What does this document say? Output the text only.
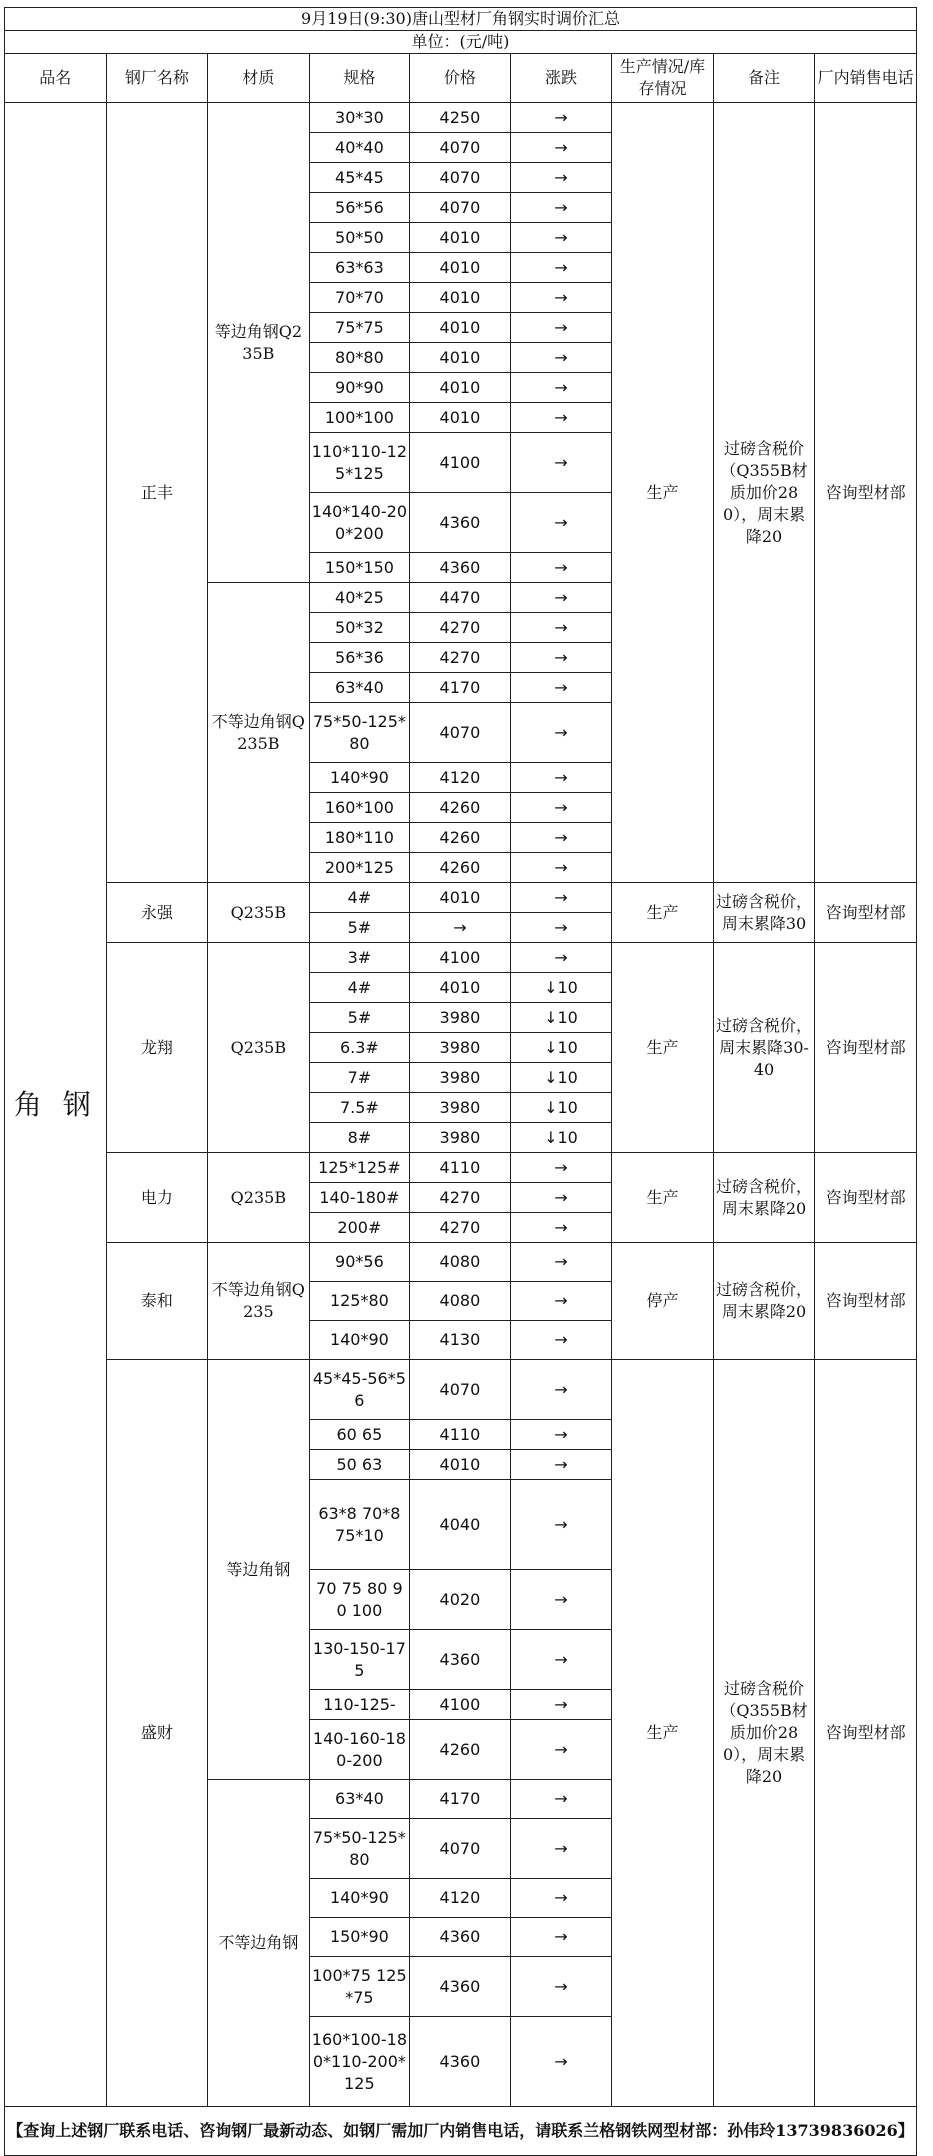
9月19日(9:30)唐山型材厂角钢实时调价汇总								
单位：(元/吨)								
品名	钢厂名称	材质	规格	价格	涨跌	生产情况/库存情况	备注	厂内销售电话
角 钢	正丰	等边角钢Q235B	30*30	4250	→	生产	过磅含税价（Q355B材质加价280），周末累降20	咨询型材部
			40*40	4070	→			
			45*45	4070	→			
			56*56	4070	→			
			50*50	4010	→			
			63*63	4010	→			
			70*70	4010	→			
			75*75	4010	→			
			80*80	4010	→			
			90*90	4010	→			
			100*100	4010	→			
			110*110-125*125	4100	→			
			140*140-200*200	4360	→			
			150*150	4360	→			
		不等边角钢Q235B	40*25	4470	→			
			50*32	4270	→			
			56*36	4270	→			
			63*40	4170	→			
			75*50-125*80	4070	→			
			140*90	4120	→			
			160*100	4260	→			
			180*110	4260	→			
			200*125	4260	→			
	永强	Q235B	4#	4010	→	生产	过磅含税价，周末累降30	咨询型材部
			5#	→	→			
	龙翔	Q235B	3#	4100	→	生产	过磅含税价，周末累降30-40	咨询型材部
			4#	4010	↓10			
			5#	3980	↓10			
			6.3#	3980	↓10			
			7#	3980	↓10			
			7.5#	3980	↓10			
			8#	3980	↓10			
	电力	Q235B	125*125#	4110	→	生产	过磅含税价，周末累降20	咨询型材部
			140-180#	4270	→			
			200#	4270	→			
	泰和	不等边角钢Q235	90*56	4080	→	停产	过磅含税价，周末累降20	咨询型材部
			125*80	4080	→			
			140*90	4130	→			
	盛财	等边角钢	45*45-56*56	4070	→	生产	过磅含税价（Q355B材质加价280），周末累降20	咨询型材部
			60 65	4110	→			
			50 63	4010	→			
			63*8 70*8 75*10	4040	→			
			70 75 80 90 100	4020	→			
			130-150-175	4360	→			
			110-125-	4100	→			
			140-160-180-200	4260	→			
		不等边角钢	63*40	4170	→			
			75*50-125*80	4070	→			
			140*90	4120	→			
			150*90	4360	→			
			100*75 125*75	4360	→			
			160*100-180*110-200*125	4360	→			
【查询上述钢厂联系电话、咨询钢厂最新动态、如钢厂需加厂内销售电话，请联系兰格钢铁网型材部：孙伟玲13739836026】								
